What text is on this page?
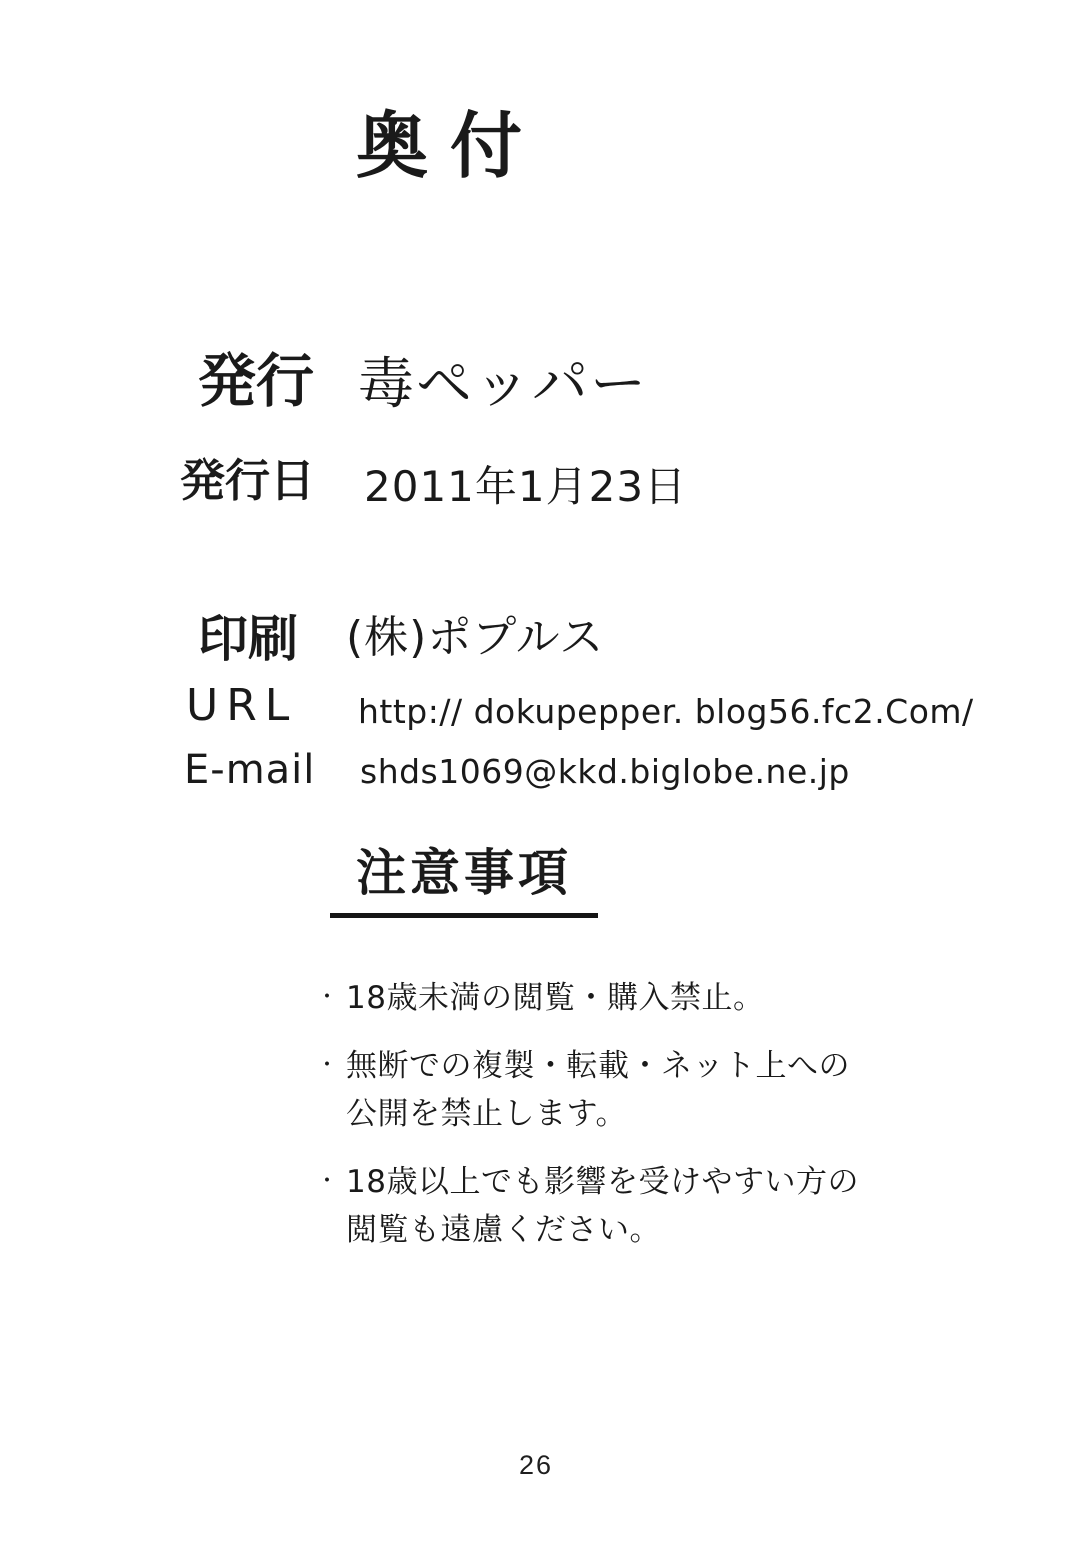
奥付
発行 毒ペッパー
発行日 2011年1月23日
印刷 (株)ポプルス
URL http:// dokupepper. blog56.fc2.Com/
E-mail shds1069@kkd.biglobe.ne.jp
注意事項
・ 18歳未満の閲覧・購入禁止。
・ 無断での複製・転載・ネット上への
公開を禁止します。
・ 18歳以上でも影響を受けやすい方の
閲覧も遠慮ください。
26
